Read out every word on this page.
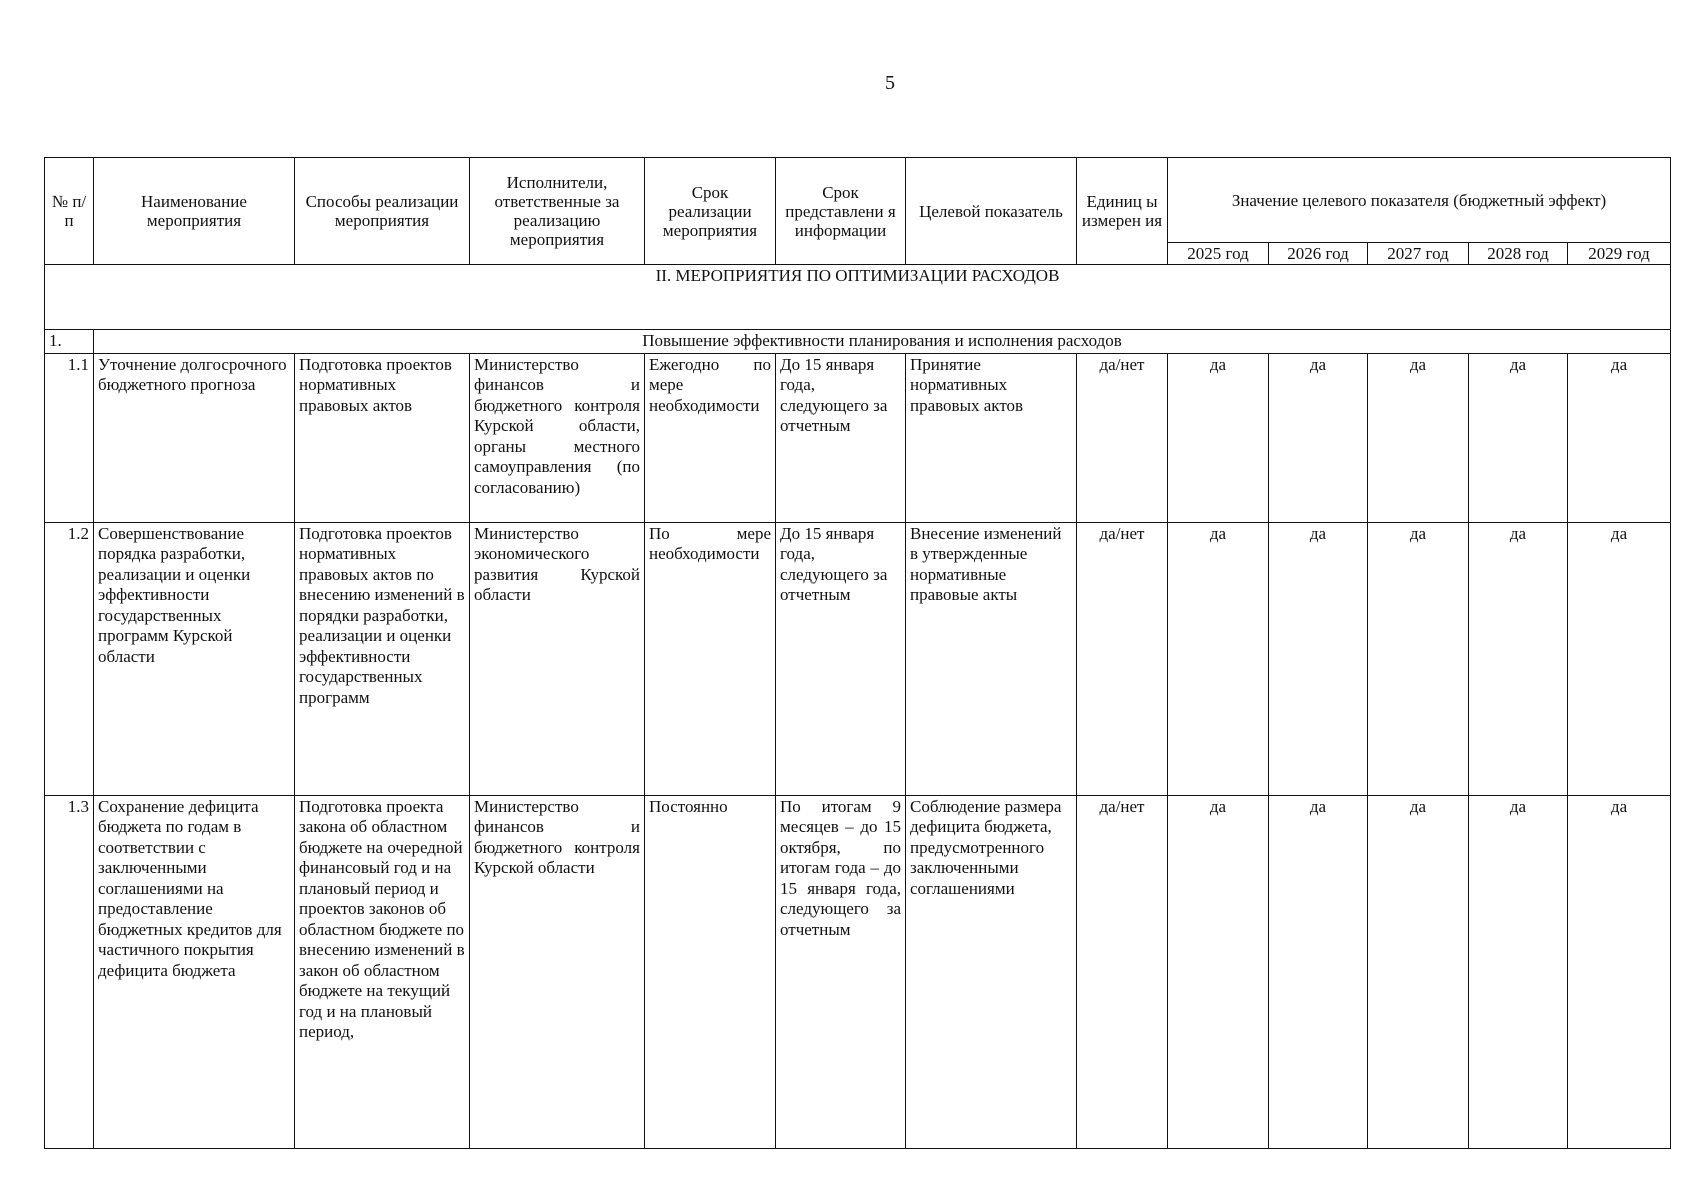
5
№ п/п	Наименование мероприятия	Способы реализации мероприятия	Исполнители, ответственные за реализацию мероприятия	Срок реализации мероприятия	Срок представлени я информации	Целевой показатель	Единиц ы измерен ия	Значение целевого показателя (бюджетный эффект)				
								2025 год	2026 год	2027 год	2028 год	2029 год
II. МЕРОПРИЯТИЯ ПО ОПТИМИЗАЦИИ РАСХОДОВ												
1.	Повышение эффективности планирования и исполнения расходов											
1.1	Уточнение долгосрочного бюджетного прогноза	Подготовка проектов нормативных правовых актов	Министерство финансов и бюджетного контроля Курской области, органы местного самоуправления (по согласованию)	Ежегодно по мере необходимости	До 15 января года, следующего за отчетным	Принятие нормативных правовых актов	да/нет	да	да	да	да	да
1.2	Совершенствование порядка разработки, реализации и оценки эффективности государственных программ Курской области	Подготовка проектов нормативных правовых актов по внесению изменений в порядки разработки, реализации и оценки эффективности государственных программ	Министерство экономического развития Курской области	По мере необходимости	До 15 января года, следующего за отчетным	Внесение изменений в утвержденные нормативные правовые акты	да/нет	да	да	да	да	да
1.3	Сохранение дефицита бюджета по годам в соответствии с заключенными соглашениями на предоставление бюджетных кредитов для частичного покрытия дефицита бюджета	Подготовка проекта закона об областном бюджете на очередной финансовый год и на плановый период и проектов законов об областном бюджете по внесению изменений в закон об областном бюджете на текущий год и на плановый период,	Министерство финансов и бюджетного контроля Курской области	Постоянно	По итогам 9 месяцев – до 15 октября, по итогам года – до 15 января года, следующего за отчетным	Соблюдение размера дефицита бюджета, предусмотренного заключенными соглашениями	да/нет	да	да	да	да	да
